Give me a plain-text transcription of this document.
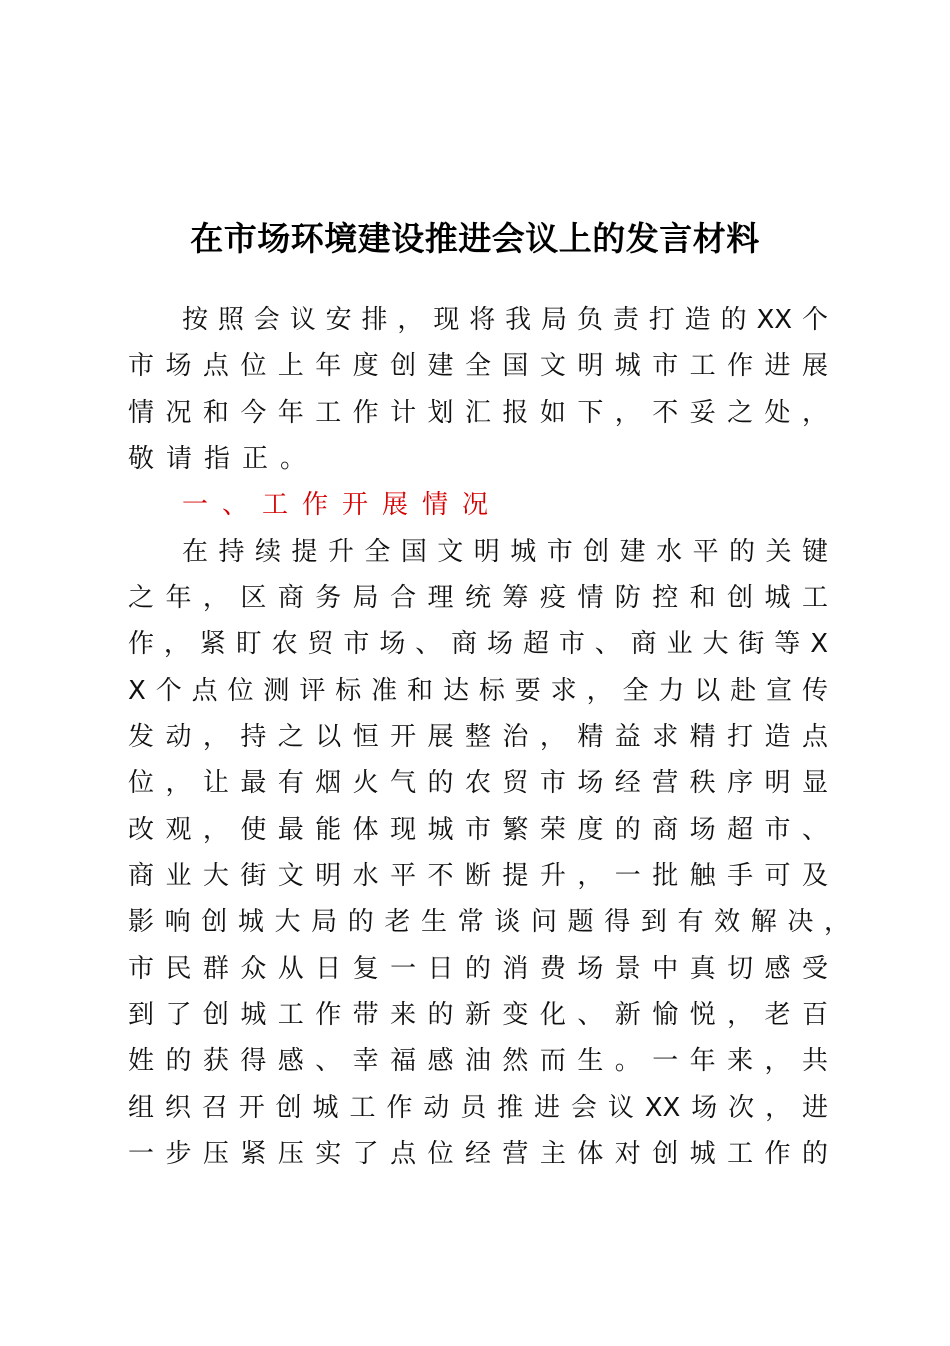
在市场环境建设推进会议上的发言材料
按照会议安排，现将我局负责打造的XX个
市场点位上年度创建全国文明城市工作进展
情况和今年工作计划汇报如下，不妥之处，
敬请指正。
一、工作开展情况
在持续提升全国文明城市创建水平的关键
之年，区商务局合理统筹疫情防控和创城工
作，紧盯农贸市场、商场超市、商业大街等X
X个点位测评标准和达标要求，全力以赴宣传
发动，持之以恒开展整治，精益求精打造点
位，让最有烟火气的农贸市场经营秩序明显
改观，使最能体现城市繁荣度的商场超市、
商业大街文明水平不断提升，一批触手可及
影响创城大局的老生常谈问题得到有效解决，
市民群众从日复一日的消费场景中真切感受
到了创城工作带来的新变化、新愉悦，老百
姓的获得感、幸福感油然而生。一年来，共
组织召开创城工作动员推进会议XX场次，进
一步压紧压实了点位经营主体对创城工作的
